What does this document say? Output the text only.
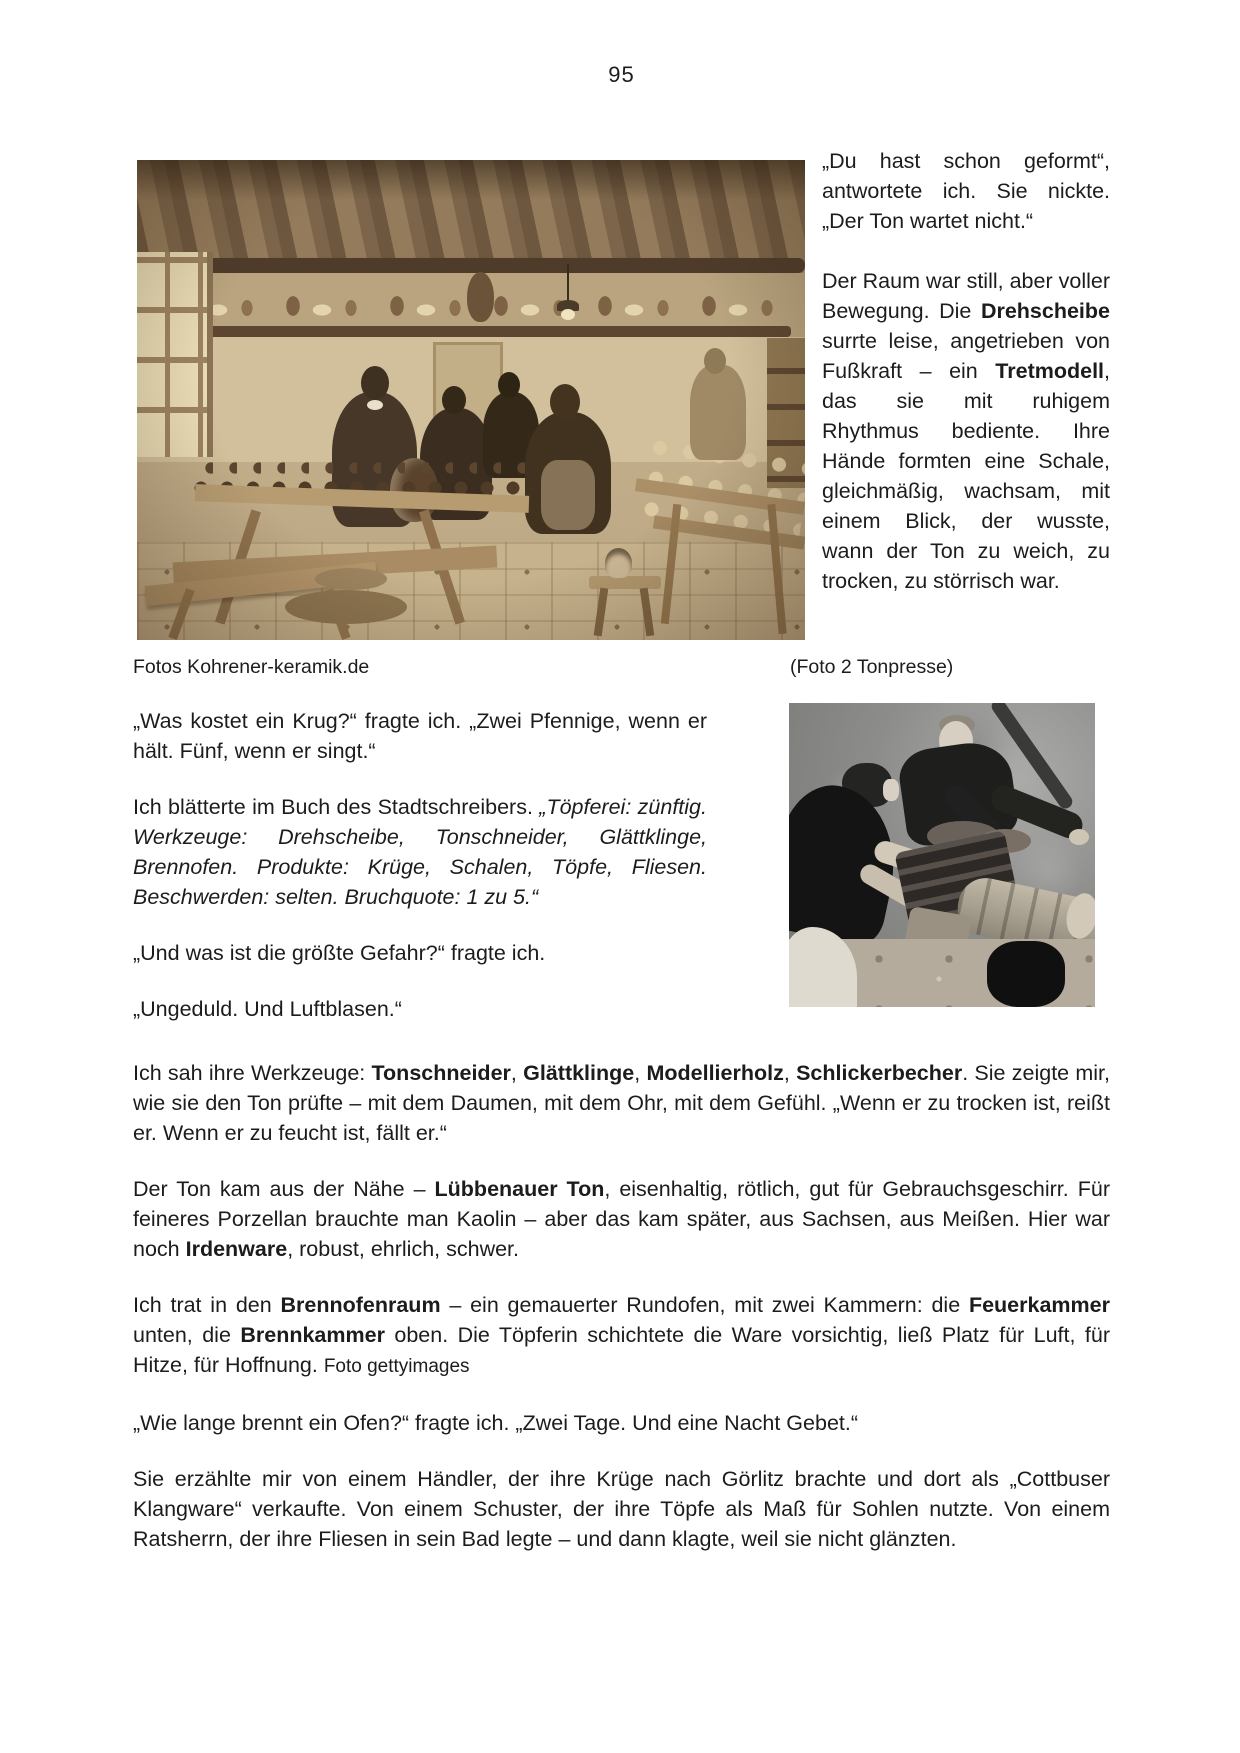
95

„Du hast schon geformt“, antwortete ich. Sie nickte. „Der Ton wartet nicht.“

Der Raum war still, aber voller Bewegung. Die Drehscheibe surrte leise, angetrieben von Fußkraft – ein Tretmodell, das sie mit ruhigem Rhythmus bediente. Ihre Hände formten eine Schale, gleichmäßig, wachsam, mit einem Blick, der wusste, wann der Ton zu weich, zu trocken, zu störrisch war.

Fotos Kohrener-keramik.de	(Foto 2 Tonpresse)

„Was kostet ein Krug?“ fragte ich. „Zwei Pfennige, wenn er hält. Fünf, wenn er singt.“

Ich blätterte im Buch des Stadtschreibers. „Töpferei: zünftig. Werkzeuge: Drehscheibe, Tonschneider, Glättklinge, Brennofen. Produkte: Krüge, Schalen, Töpfe, Fliesen. Beschwerden: selten. Bruchquote: 1 zu 5.“

„Und was ist die größte Gefahr?“ fragte ich.

„Ungeduld. Und Luftblasen.“

Ich sah ihre Werkzeuge: Tonschneider, Glättklinge, Modellierholz, Schlickerbecher. Sie zeigte mir, wie sie den Ton prüfte – mit dem Daumen, mit dem Ohr, mit dem Gefühl. „Wenn er zu trocken ist, reißt er. Wenn er zu feucht ist, fällt er.“

Der Ton kam aus der Nähe – Lübbenauer Ton, eisenhaltig, rötlich, gut für Gebrauchsgeschirr. Für feineres Porzellan brauchte man Kaolin – aber das kam später, aus Sachsen, aus Meißen. Hier war noch Irdenware, robust, ehrlich, schwer.

Ich trat in den Brennofenraum – ein gemauerter Rundofen, mit zwei Kammern: die Feuerkammer unten, die Brennkammer oben. Die Töpferin schichtete die Ware vorsichtig, ließ Platz für Luft, für Hitze, für Hoffnung. Foto gettyimages

„Wie lange brennt ein Ofen?“ fragte ich. „Zwei Tage. Und eine Nacht Gebet.“

Sie erzählte mir von einem Händler, der ihre Krüge nach Görlitz brachte und dort als „Cottbuser Klangware“ verkaufte. Von einem Schuster, der ihre Töpfe als Maß für Sohlen nutzte. Von einem Ratsherrn, der ihre Fliesen in sein Bad legte – und dann klagte, weil sie nicht glänzten.
